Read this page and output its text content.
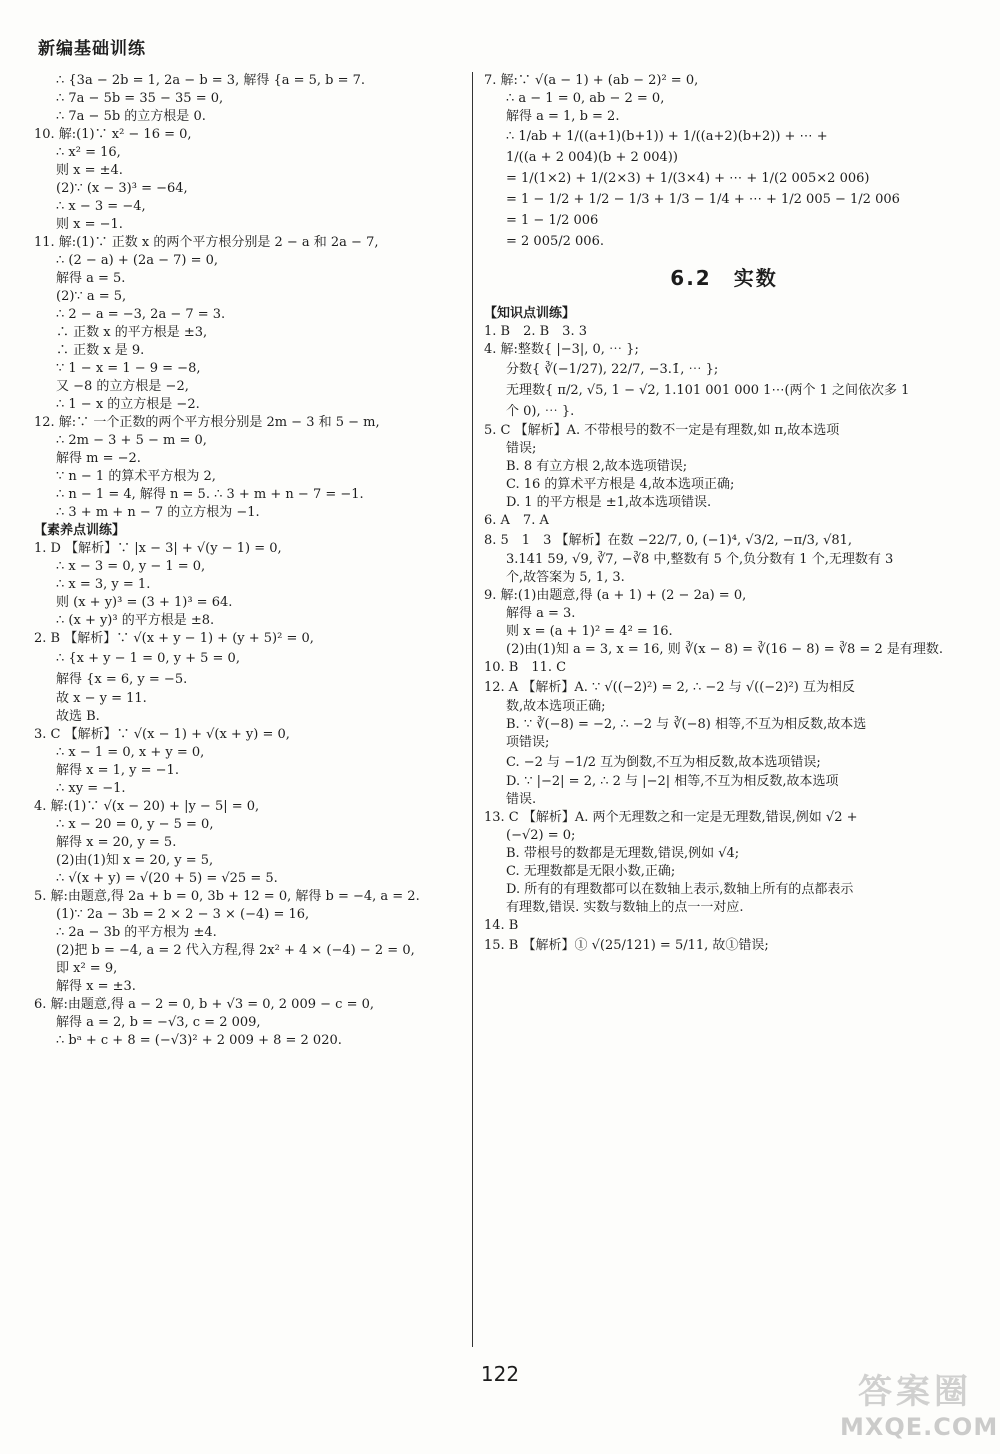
新编基础训练
∴ {3a − 2b = 1, 2a − b = 3, 解得 {a = 5, b = 7.
∴ 7a − 5b = 35 − 35 = 0,
∴ 7a − 5b 的立方根是 0.
10. 解:(1)∵ x² − 16 = 0,
∴ x² = 16,
则 x = ±4.
(2)∵ (x − 3)³ = −64,
∴ x − 3 = −4,
则 x = −1.
11. 解:(1)∵ 正数 x 的两个平方根分别是 2 − a 和 2a − 7,
∴ (2 − a) + (2a − 7) = 0,
解得 a = 5.
(2)∵ a = 5,
∴ 2 − a = −3, 2a − 7 = 3.
∴ 正数 x 的平方根是 ±3,
∴ 正数 x 是 9.
∵ 1 − x = 1 − 9 = −8,
又 −8 的立方根是 −2,
∴ 1 − x 的立方根是 −2.
12. 解:∵ 一个正数的两个平方根分别是 2m − 3 和 5 − m,
∴ 2m − 3 + 5 − m = 0,
解得 m = −2.
∵ n − 1 的算术平方根为 2,
∴ n − 1 = 4, 解得 n = 5. ∴ 3 + m + n − 7 = −1.
∴ 3 + m + n − 7 的立方根为 −1.
【素养点训练】
1. D 【解析】∵ |x − 3| + √(y − 1) = 0,
∴ x − 3 = 0, y − 1 = 0,
∴ x = 3, y = 1.
则 (x + y)³ = (3 + 1)³ = 64.
∴ (x + y)³ 的平方根是 ±8.
2. B 【解析】∵ √(x + y − 1) + (y + 5)² = 0,
∴ {x + y − 1 = 0, y + 5 = 0,
解得 {x = 6, y = −5.
故 x − y = 11.
故选 B.
3. C 【解析】∵ √(x − 1) + √(x + y) = 0,
∴ x − 1 = 0, x + y = 0,
解得 x = 1, y = −1.
∴ xy = −1.
4. 解:(1)∵ √(x − 20) + |y − 5| = 0,
∴ x − 20 = 0, y − 5 = 0,
解得 x = 20, y = 5.
(2)由(1)知 x = 20, y = 5,
∴ √(x + y) = √(20 + 5) = √25 = 5.
5. 解:由题意,得 2a + b = 0, 3b + 12 = 0, 解得 b = −4, a = 2.
(1)∵ 2a − 3b = 2 × 2 − 3 × (−4) = 16,
∴ 2a − 3b 的平方根为 ±4.
(2)把 b = −4, a = 2 代入方程,得 2x² + 4 × (−4) − 2 = 0,
即 x² = 9,
解得 x = ±3.
6. 解:由题意,得 a − 2 = 0, b + √3 = 0, 2 009 − c = 0,
解得 a = 2, b = −√3, c = 2 009,
∴ bᵃ + c + 8 = (−√3)² + 2 009 + 8 = 2 020.
7. 解:∵ √(a − 1) + (ab − 2)² = 0,
∴ a − 1 = 0, ab − 2 = 0,
解得 a = 1, b = 2.
∴ 1/ab + 1/((a+1)(b+1)) + 1/((a+2)(b+2)) + ⋯ +
1/((a + 2 004)(b + 2 004))
= 1/(1×2) + 1/(2×3) + 1/(3×4) + ⋯ + 1/(2 005×2 006)
= 1 − 1/2 + 1/2 − 1/3 + 1/3 − 1/4 + ⋯ + 1/2 005 − 1/2 006
= 1 − 1/2 006
= 2 005/2 006.
6.2　实数
【知识点训练】
1. B　2. B　3. 3
4. 解:整数{ |−3|, 0, ⋯ };
分数{ ∛(−1/27), 22/7, −3.1̇, ⋯ };
无理数{ π/2, √5, 1 − √2, 1.101 001 000 1⋯(两个 1 之间依次多 1
个 0), ⋯ }.
5. C 【解析】A. 不带根号的数不一定是有理数,如 π,故本选项
错误;
B. 8 有立方根 2,故本选项错误;
C. 16 的算术平方根是 4,故本选项正确;
D. 1 的平方根是 ±1,故本选项错误.
6. A　7. A
8. 5　1　3 【解析】在数 −22/7, 0, (−1)⁴, √3/2, −π/3, √81,
3.141 59, √9, ∛7, −∛8 中,整数有 5 个,负分数有 1 个,无理数有 3
个,故答案为 5, 1, 3.
9. 解:(1)由题意,得 (a + 1) + (2 − 2a) = 0,
解得 a = 3.
则 x = (a + 1)² = 4² = 16.
(2)由(1)知 a = 3, x = 16, 则 ∛(x − 8) = ∛(16 − 8) = ∛8 = 2 是有理数.
10. B　11. C
12. A 【解析】A. ∵ √((−2)²) = 2, ∴ −2 与 √((−2)²) 互为相反
数,故本选项正确;
B. ∵ ∛(−8) = −2, ∴ −2 与 ∛(−8) 相等,不互为相反数,故本选
项错误;
C. −2 与 −1/2 互为倒数,不互为相反数,故本选项错误;
D. ∵ |−2| = 2, ∴ 2 与 |−2| 相等,不互为相反数,故本选项
错误.
13. C 【解析】A. 两个无理数之和一定是无理数,错误,例如 √2 +
(−√2) = 0;
B. 带根号的数都是无理数,错误,例如 √4;
C. 无理数都是无限小数,正确;
D. 所有的有理数都可以在数轴上表示,数轴上所有的点都表示
有理数,错误. 实数与数轴上的点一一对应.
14. B
15. B 【解析】① √(25/121) = 5/11, 故①错误;
122	答案圈
MXQE.COM
